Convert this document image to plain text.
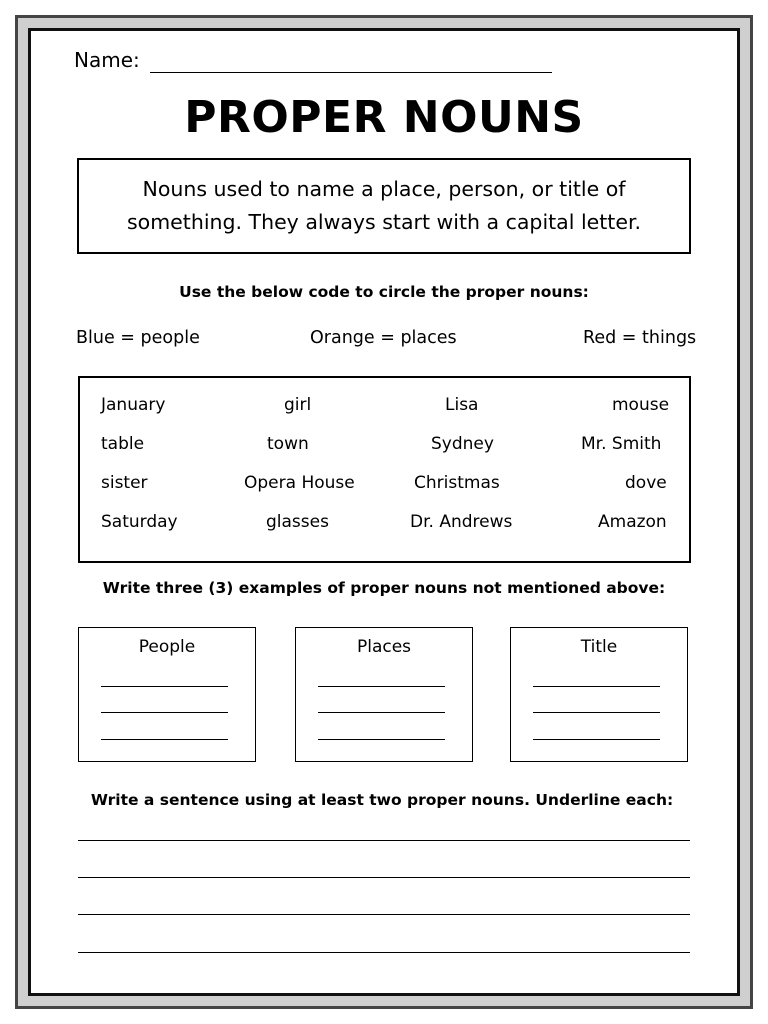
Name:
PROPER NOUNS
Nouns used to name a place, person, or title of
something. They always start with a capital letter.
Use the below code to circle the proper nouns:
Blue = people	Orange = places	Red = things
January	girl	Lisa	mouse
table	town	Sydney	Mr. Smith
sister	Opera House	Christmas	dove
Saturday	glasses	Dr. Andrews	Amazon
Write three (3) examples of proper nouns not mentioned above:
People	Places	Title
Write a sentence using at least two proper nouns. Underline each:
